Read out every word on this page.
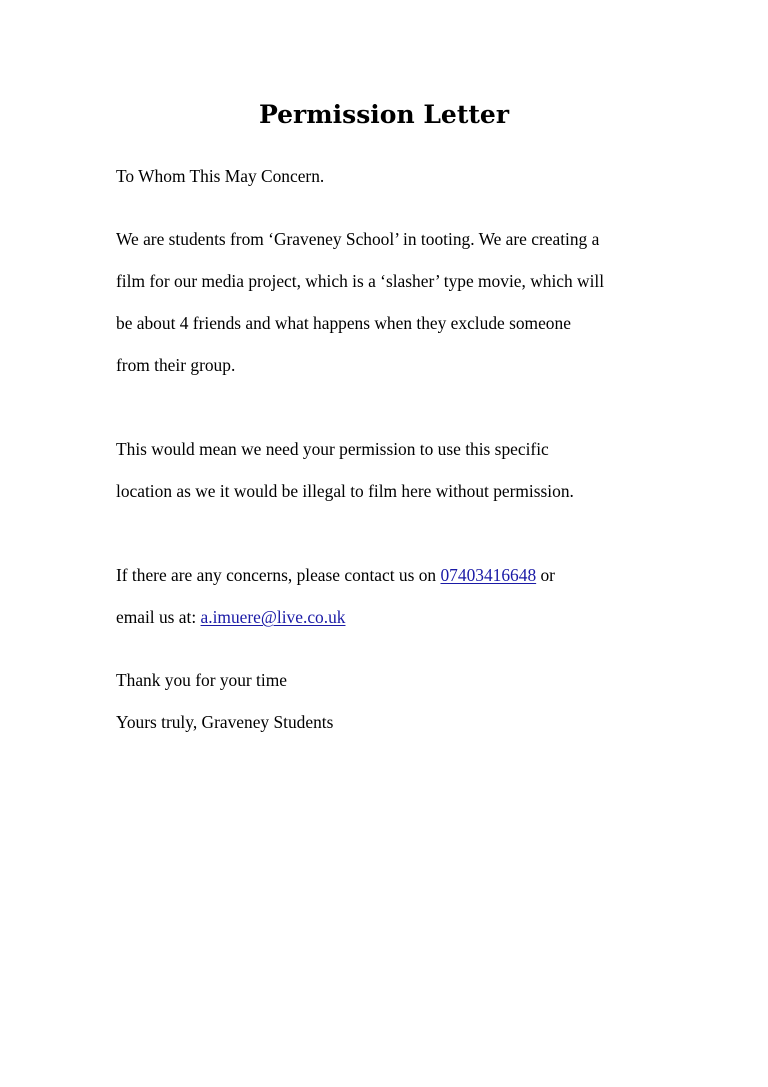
Permission Letter

To Whom This May Concern.

We are students from ‘Graveney School’ in tooting. We are creating a

film for our media project, which is a ‘slasher’ type movie, which will

be about 4 friends and what happens when they exclude someone

from their group.

This would mean we need your permission to use this specific

location as we it would be illegal to film here without permission.

If there are any concerns, please contact us on 07403416648 or

email us at: a.imuere@live.co.uk

Thank you for your time

Yours truly, Graveney Students
